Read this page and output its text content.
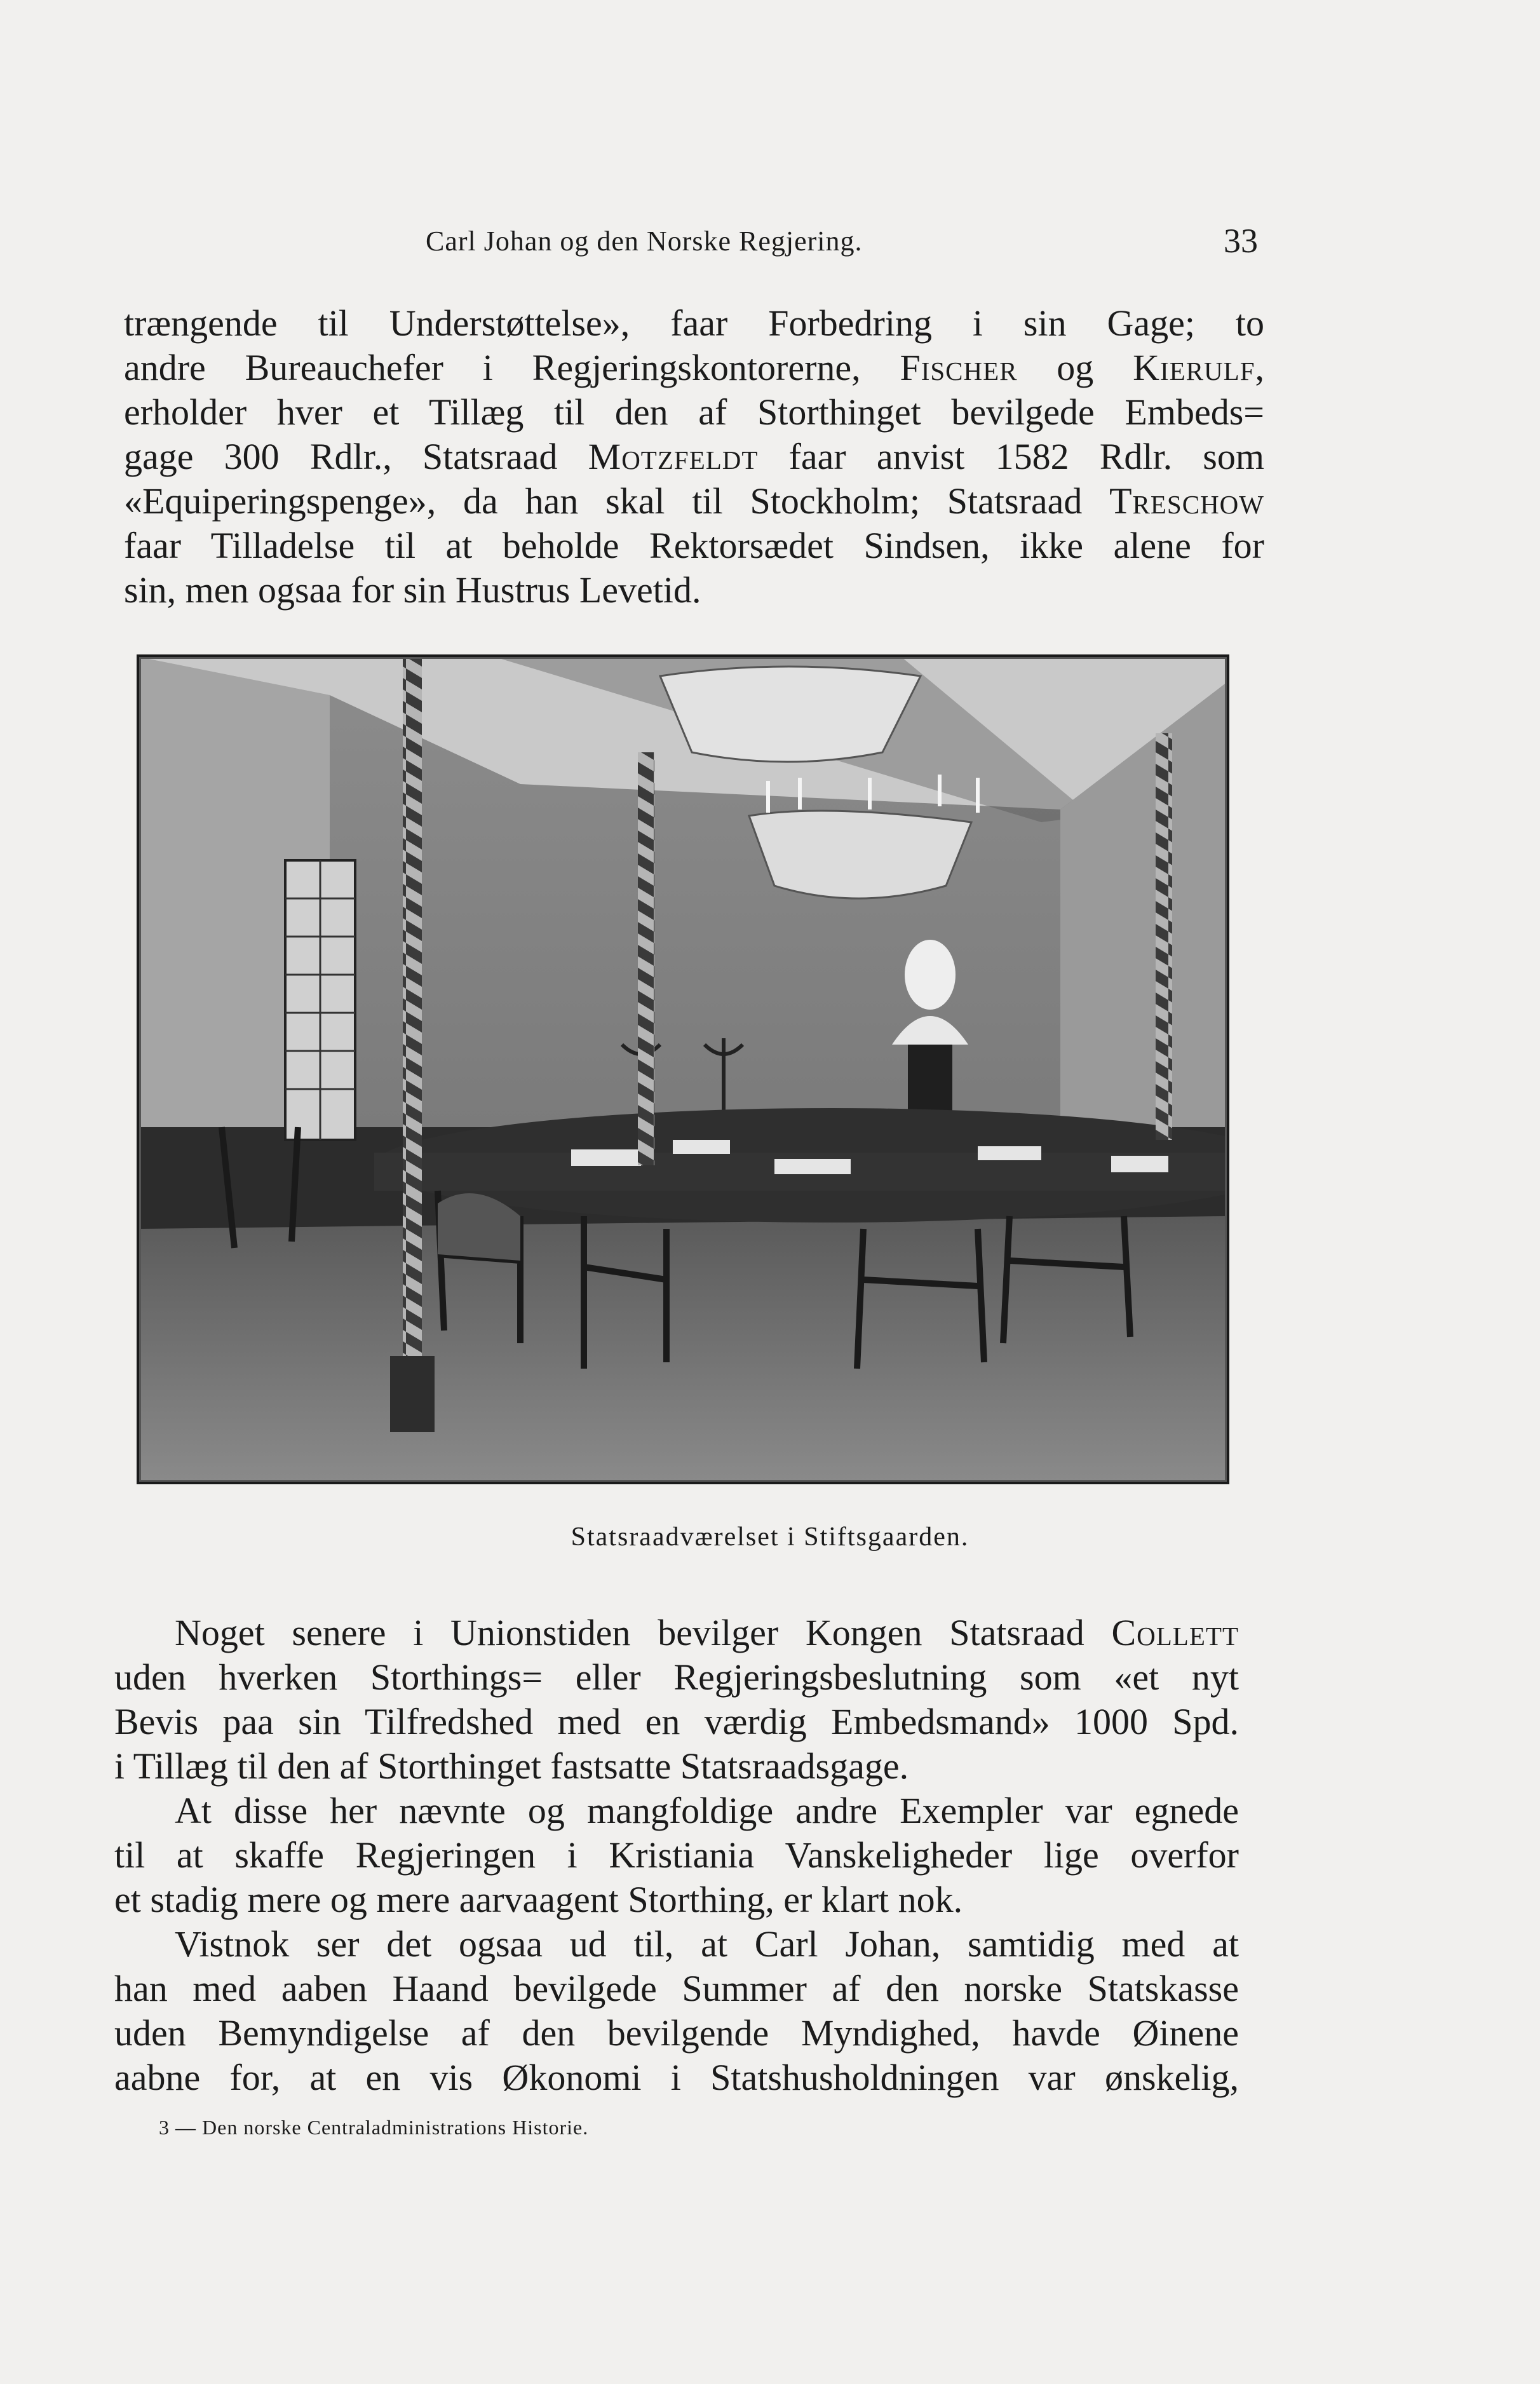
Carl Johan og den Norske Regjering.	33
trængende til Understøttelse», faar Forbedring i sin Gage; to
andre Bureauchefer i Regjeringskontorerne, Fischer og Kierulf,
erholder hver et Tillæg til den af Storthinget bevilgede Embeds=
gage 300 Rdlr., Statsraad Motzfeldt faar anvist 1582 Rdlr. som
«Equiperingspenge», da han skal til Stockholm; Statsraad Treschow
faar Tilladelse til at beholde Rektorsædet Sindsen, ikke alene for
sin, men ogsaa for sin Hustrus Levetid.
Statsraadværelset i Stiftsgaarden.
Noget senere i Unionstiden bevilger Kongen Statsraad Collett
uden hverken Storthings= eller Regjeringsbeslutning som «et nyt
Bevis paa sin Tilfredshed med en værdig Embedsmand» 1000 Spd.
i Tillæg til den af Storthinget fastsatte Statsraadsgage.
At disse her nævnte og mangfoldige andre Exempler var egnede
til at skaffe Regjeringen i Kristiania Vanskeligheder lige overfor
et stadig mere og mere aarvaagent Storthing, er klart nok.
Vistnok ser det ogsaa ud til, at Carl Johan, samtidig med at
han med aaben Haand bevilgede Summer af den norske Statskasse
uden Bemyndigelse af den bevilgende Myndighed, havde Øinene
aabne for, at en vis Økonomi i Statshusholdningen var ønskelig,
3 — Den norske Centraladministrations Historie.
